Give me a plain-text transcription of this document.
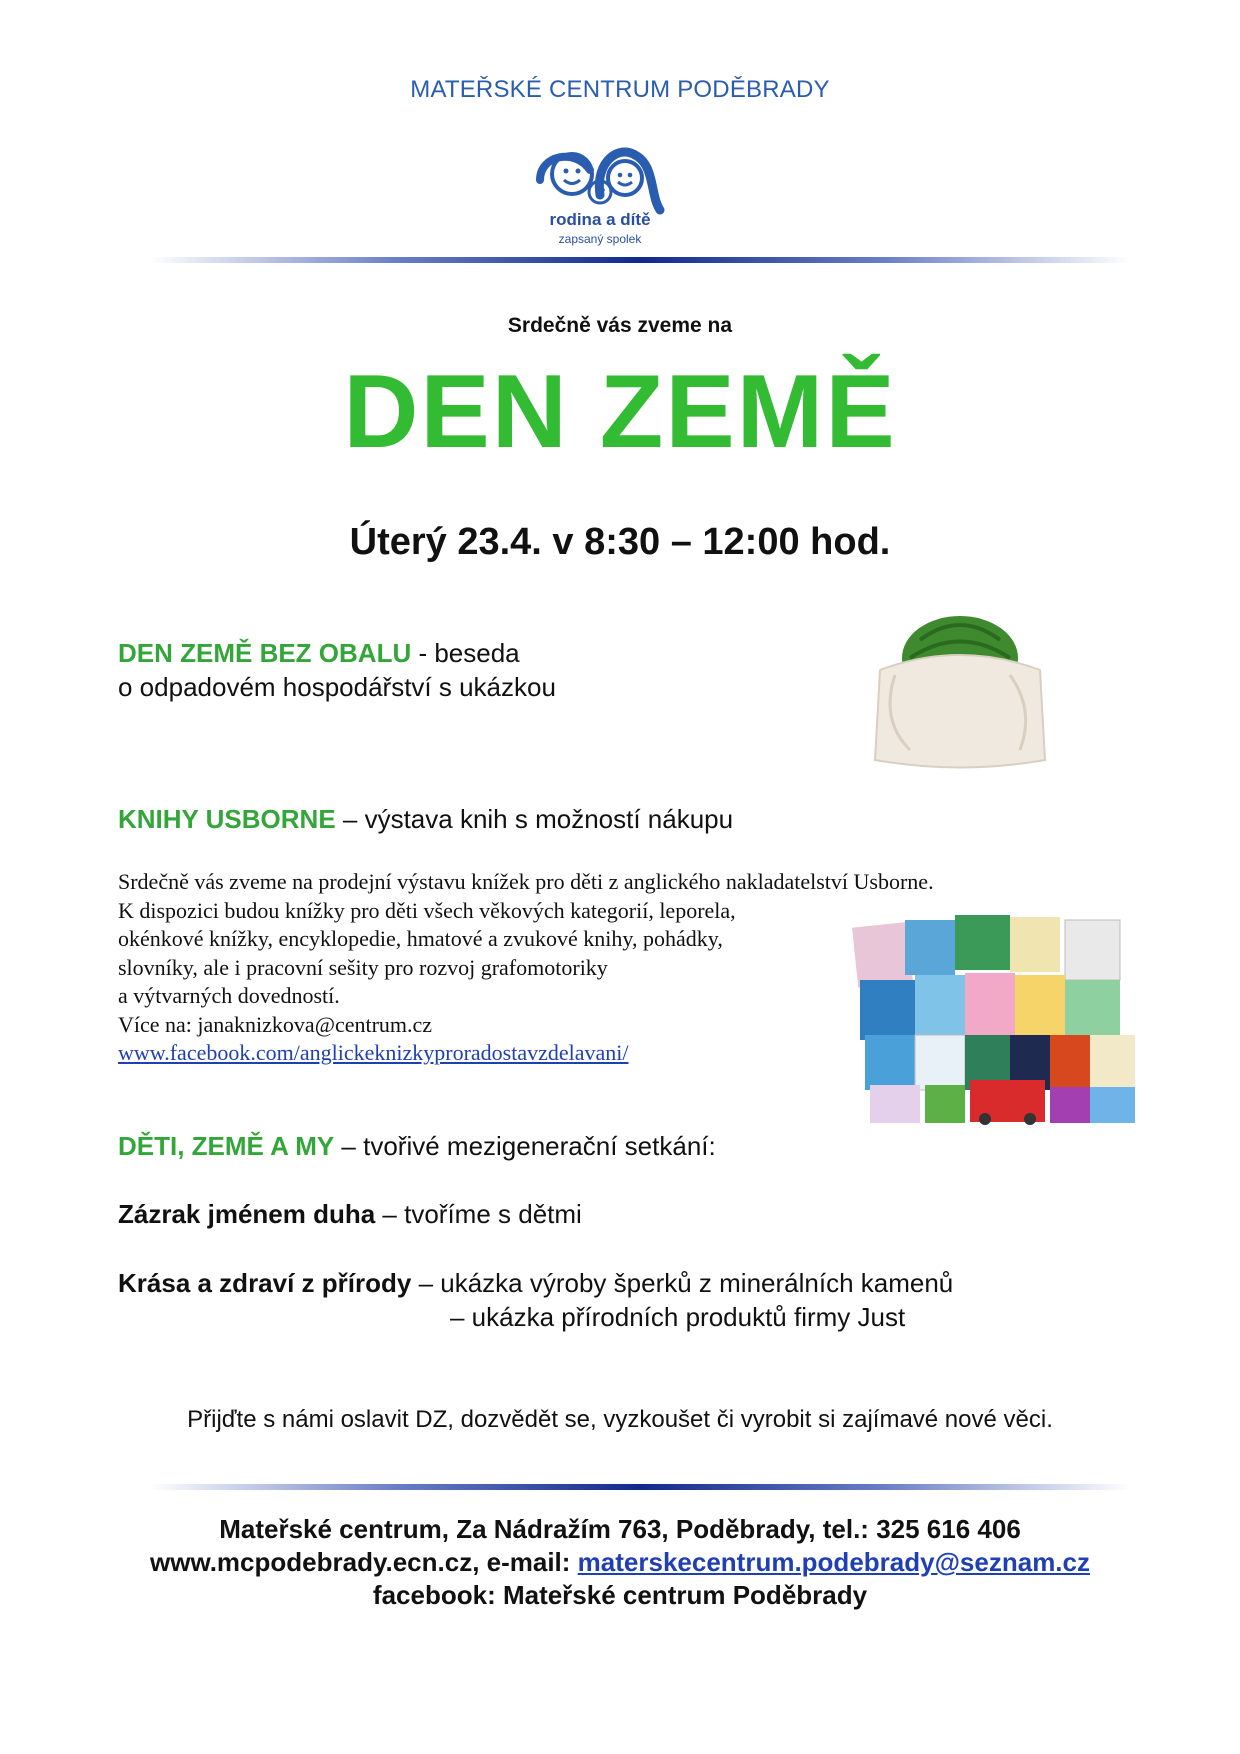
MATEŘSKÉ CENTRUM PODĚBRADY
rodina a dítě
zapsaný spolek
Srdečně vás zveme na
DEN ZEMĚ
Úterý 23.4. v 8:30 – 12:00 hod.
DEN ZEMĚ BEZ OBALU - beseda
o odpadovém hospodářství s ukázkou
KNIHY USBORNE – výstava knih s možností nákupu
Srdečně vás zveme na prodejní výstavu knížek pro děti z anglického nakladatelství Usborne.
K dispozici budou knížky pro děti všech věkových kategorií, leporela,
okénkové knížky, encyklopedie, hmatové a zvukové knihy, pohádky,
slovníky, ale i pracovní sešity pro rozvoj grafomotoriky
a výtvarných dovedností.
Více na: janaknizkova@centrum.cz
www.facebook.com/anglickeknizkyproradostavzdelavani/
DĚTI, ZEMĚ A MY – tvořivé mezigenerační setkání:
Zázrak jménem duha – tvoříme s dětmi
Krása a zdraví z přírody – ukázka výroby šperků z minerálních kamenů
– ukázka přírodních produktů firmy Just
Přijďte s námi oslavit DZ, dozvědět se, vyzkoušet či vyrobit si zajímavé nové věci.
Mateřské centrum, Za Nádražím 763, Poděbrady, tel.: 325 616 406
www.mcpodebrady.ecn.cz, e-mail: materskecentrum.podebrady@seznam.cz
facebook: Mateřské centrum Poděbrady
